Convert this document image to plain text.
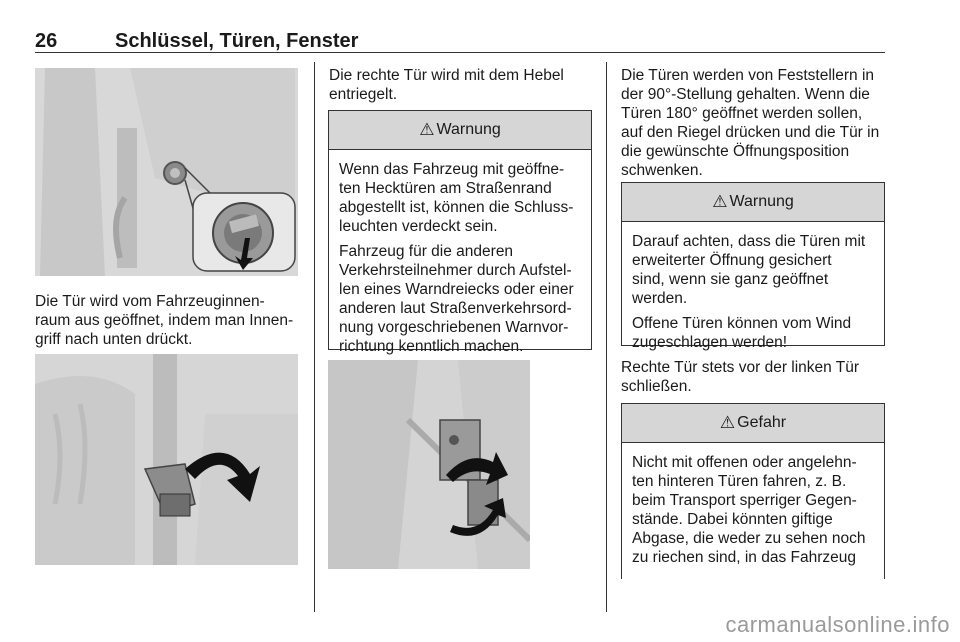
26	Schlüssel, Türen, Fenster

Die Tür wird vom Fahrzeuginnen-
raum aus geöffnet, indem man Innen-
griff nach unten drückt.

Die rechte Tür wird mit dem Hebel
entriegelt.

⚠ Warnung

Wenn das Fahrzeug mit geöffne-
ten Hecktüren am Straßenrand
abgestellt ist, können die Schluss-
leuchten verdeckt sein.

Fahrzeug für die anderen
Verkehrsteilnehmer durch Aufstel-
len eines Warndreiecks oder einer
anderen laut Straßenverkehrsord-
nung vorgeschriebenen Warnvor-
richtung kenntlich machen.

Die Türen werden von Feststellern in
der 90°-Stellung gehalten. Wenn die
Türen 180° geöffnet werden sollen,
auf den Riegel drücken und die Tür in
die gewünschte Öffnungsposition
schwenken.

⚠ Warnung

Darauf achten, dass die Türen mit
erweiterter Öffnung gesichert
sind, wenn sie ganz geöffnet
werden.

Offene Türen können vom Wind
zugeschlagen werden!

Rechte Tür stets vor der linken Tür
schließen.

⚠ Gefahr

Nicht mit offenen oder angelehn-
ten hinteren Türen fahren, z. B.
beim Transport sperriger Gegen-
stände. Dabei könnten giftige
Abgase, die weder zu sehen noch
zu riechen sind, in das Fahrzeug

carmanualsonline.info
